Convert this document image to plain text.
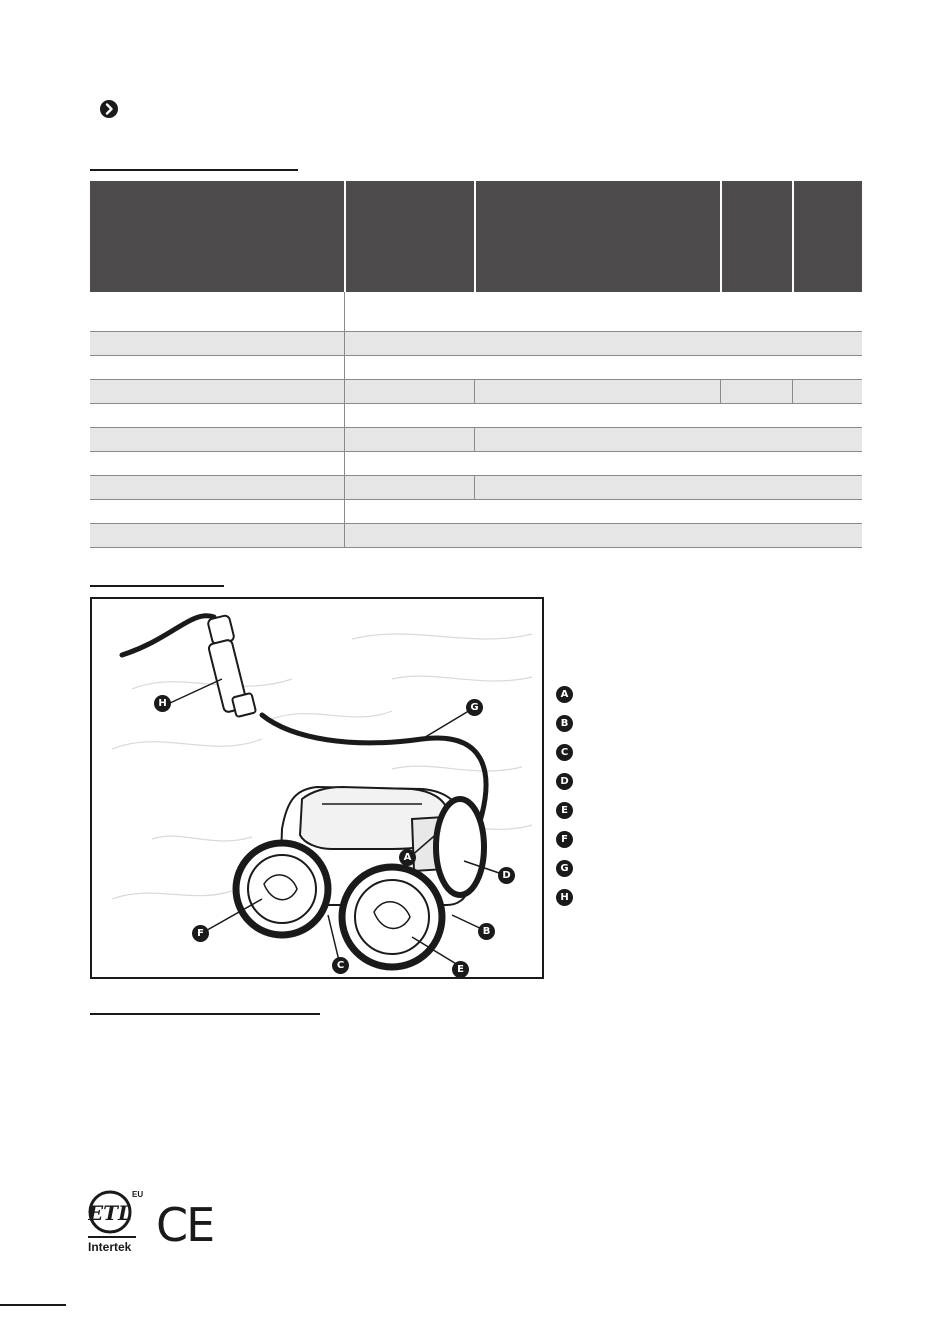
A
B
C
D
E
F
G
H
A
B
C
D
E
F
G
H
ETL
EU
Intertek CE
